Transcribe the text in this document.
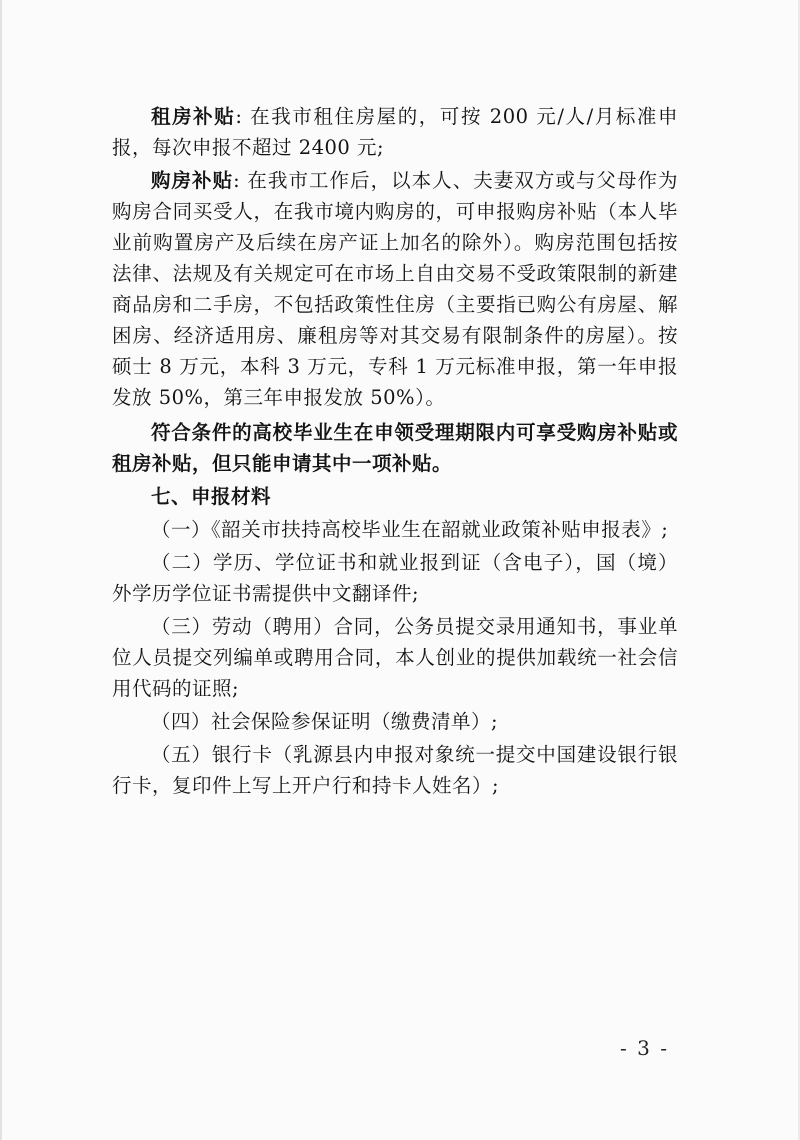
租房补贴: 在我市租住房屋的，可按 200 元/人/月标准申报，每次申报不超过 2400 元;

购房补贴: 在我市工作后，以本人、夫妻双方或与父母作为购房合同买受人，在我市境内购房的，可申报购房补贴（本人毕业前购置房产及后续在房产证上加名的除外）。购房范围包括按法律、法规及有关规定可在市场上自由交易不受政策限制的新建商品房和二手房，不包括政策性住房（主要指已购公有房屋、解困房、经济适用房、廉租房等对其交易有限制条件的房屋）。按硕士 8 万元，本科 3 万元，专科 1 万元标准申报，第一年申报发放 50%，第三年申报发放 50%）。

符合条件的高校毕业生在申领受理期限内可享受购房补贴或租房补贴，但只能申请其中一项补贴。

七、申报材料

（一）《韶关市扶持高校毕业生在韶就业政策补贴申报表》;

（二）学历、学位证书和就业报到证（含电子），国（境）外学历学位证书需提供中文翻译件;

（三）劳动（聘用）合同，公务员提交录用通知书，事业单位人员提交列编单或聘用合同，本人创业的提供加载统一社会信用代码的证照;

（四）社会保险参保证明（缴费清单）;

（五）银行卡（乳源县内申报对象统一提交中国建设银行银行卡，复印件上写上开户行和持卡人姓名）;

- 3 -
